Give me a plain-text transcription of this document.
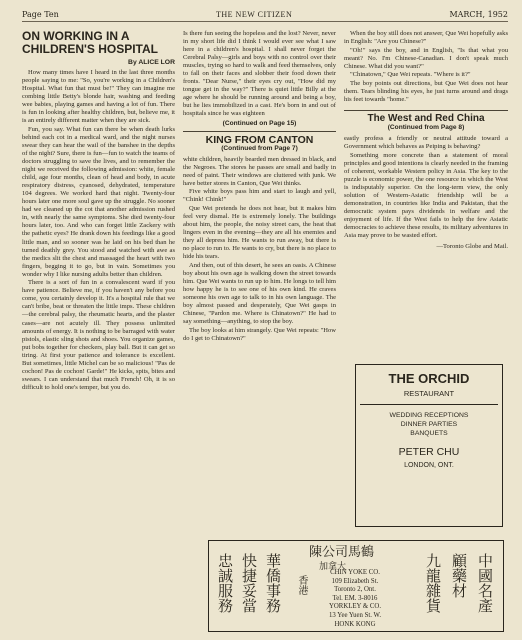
Page Ten	THE NEW CITIZEN	MARCH, 1952
ON WORKING IN A CHILDREN'S HOSPITAL
By ALICE LOR

How many times have I heard in the last three months people saying to me: "So, you're working in a Children's Hospital. What fun that must be!" They can imagine me combing little Betty's blonde hair, washing and feeding wee babies, playing games and having a lot of fun. There is fun in looking after healthy children, but, believe me, it is an entirely different matter when they are sick.

Fun, you say. What fun can there be when death lurks behind each cot in a medical ward, and the night nurses swear they can hear the wail of the banshee in the depths of the night? Sure, there is fun—fun to watch the teams of doctors struggling to save the lives, and to remember the night we received the following admission: white, female child, age four months, clean of head and body, in acute respiratory distress, cyanosed, dehydrated, temperature 104 degrees. We worked hard that night. Twenty-four hours later one more soul gave up the struggle. No sooner had we cleaned up the cot that another admission rushed in, with nearly the same symptoms. She died twenty-four hours later, too. And who can forget little Zackery with the pathetic eyes? He drank down his feedings like a good little man, and so sooner was he laid on his bed than he turned deathly grey. You stood and watched with awe as the medics slit the chest and massaged the heart with two fingers, begging it to go, but in vain. Sometimes you wonder why I like nursing adults better than children.

There is a sort of fun in a convalescent ward if you have patience. Believe me, if you haven't any before you come, you certainly develop it. It's a hospital rule that we can't bribe, beat or threaten the little imps. These children—the cerebral palsy, the rheumatic hearts, and the plaster cases—are not acutely ill. They possess unlimited amounts of energy. It is nothing to be barraged with water pistols, elastic sling shots and shoes. You organize games, put bobs together for checkers, play ball. But it can get so tiring. At first your patience and tolerance is excellent. But sometimes, little Michel can be so malicious! "Pas de cochon! Pas de cochon! Garde!" He kicks, spits, bites and swears. I can understand that much French! Oh, it is so difficult to hold one's temper, but you do.

Is there fun seeing the hopeless and the lost? Never, never in my short life did I think I would ever see what I saw here in a children's hospital. I shall never forget the Cerebral Palsy—girls and boys with no control over their muscles, trying so hard to walk and feed themselves, only to fall on their faces and slobber their food down their fronts. "Dear Nurse," their eyes cry out, "How did my tongue get in the way?" There is quiet little Billy at the age where he should be running around and being a boy, but he lies immobilized in a cast. He's born in and out of hospitals since he was eighteen

(Continued on Page 15)
KING FROM CANTON
(Continued from Page 7)

white children, heavily bearded men dressed in black, and the Negroes. The stores he passes are small and badly in need of paint. Their windows are cluttered with junk. We have better stores in Canton, Que Wei thinks.

Five white boys pass him and start to laugh and yell, "Chink! Chink!"

Que Wei pretends he does not hear, but it makes him feel very dismal. He is extremely lonely. The buildings about him, the people, the noisy street cars, the heat that lingers even in the evening—they are all his enemies and they all depress him. He wants to run away, but there is no place to run to. He wants to cry, but there is no place to hide his tears.

And then, out of this desert, he sees an oasis. A Chinese boy about his own age is walking down the street towards him. Que Wei wants to run up to him. He longs to tell him how happy he is to see one of his own kind. He craves someone his own age to talk to in his own language. The boy almost passed and desperately, Que Wei gasps in Chinese, "Pardon me. Where is Chinatown?" He had to say something—anything, to stop the boy.

The boy looks at him strangely. Que Wei repeats: "How do I get to Chinatown?"

When the boy still does not answer, Que Wei hopefully asks in English: "Are you Chinese?"

"Oh!" says the boy, and in English, "Is that what you meant? No. I'm Chinese-Canadian. I don't speak much Chinese. What did you want?"

"Chinatown," Que Wei repeats. "Where is it?"

The boy points out directions, but Que Wei does not hear them. Tears blinding his eyes, he just turns around and drags his feet towards "home."

The West and Red China
(Continued from Page 8)

eastly profess a friendly or neutral attitude toward a Government which behaves as Peiping is behaving?

Something more concrete than a statement of moral principles and good intentions is clearly needed in the framing of coherent, workable Western policy in Asia. The key to the puzzle is economic power, the one resource in which the West is indisputably superior. On the long-term view, the only solution of Western-Asiatic friendship will be a demonstration, in countries like India and Pakistan, that the democratic system pays dividends in welfare and the enjoyment of life. If the West fails to help the few Asiatic democracies to achieve these results, its military adventures in Asia may prove to be wasted effort.

—Toronto Globe and Mail.
THE ORCHID
RESTAURANT
WEDDING RECEPTIONS
DINNER PARTIES
BANQUETS
PETER CHU
LONDON, ONT.
陳公司馬鶴
加拿大
忠誠服務 快捷妥當 華僑事務	香港
CHIN YOKE CO.
109 Elizabeth St.
Toronto 2, Ont.
Tel. EM. 3-8016
YORKLEY & CO.
13 Yee Yuen St. W.
HONK KONG
九龍雜貨 顧藥材 中國名產
